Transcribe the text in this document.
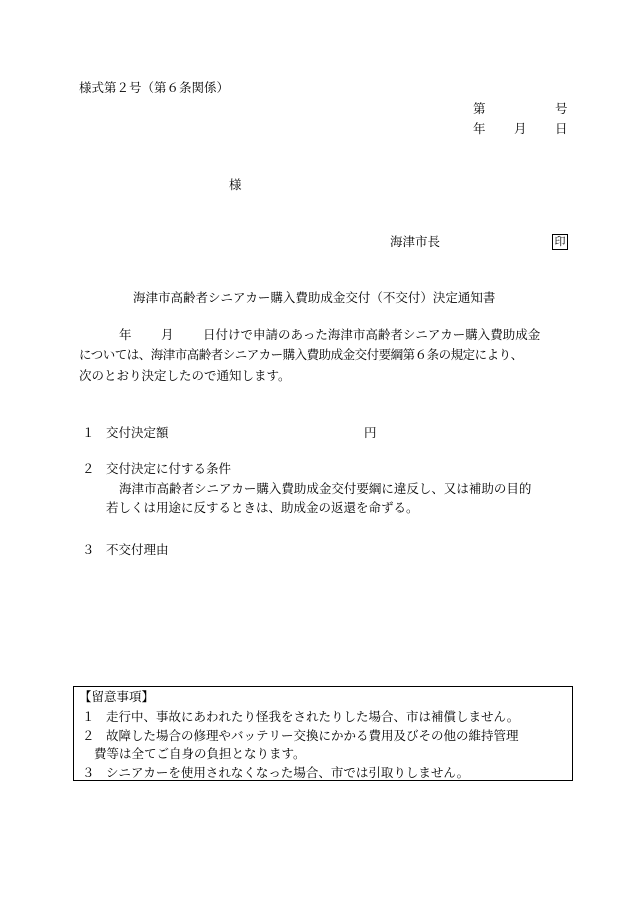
様式第２号（第６条関係）
第	号
年 月 日
様
海津市長	印
海津市高齢者シニアカー購入費助成金交付（不交付）決定通知書
年 月 日付けで申請のあった海津市高齢者シニアカー購入費助成金
については、海津市高齢者シニアカー購入費助成金交付要綱第６条の規定により、
次のとおり決定したので通知します。
１ 交付決定額	円
２ 交付決定に付する条件
海津市高齢者シニアカー購入費助成金交付要綱に違反し、又は補助の目的
若しくは用途に反するときは、助成金の返還を命ずる。
３ 不交付理由
【留意事項】
１ 走行中、事故にあわれたり怪我をされたりした場合、市は補償しません。
２ 故障した場合の修理やバッテリー交換にかかる費用及びその他の維持管理
費等は全てご自身の負担となります。
３ シニアカーを使用されなくなった場合、市では引取りしません。
